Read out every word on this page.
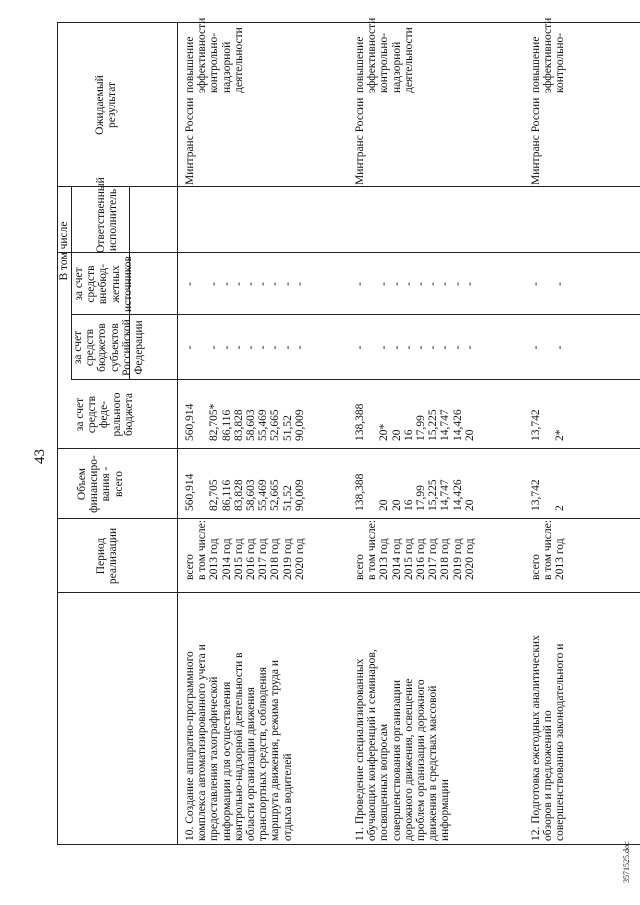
43
3571525.doc
Период
реализации
Объем
финансиро-
вания -
всего
В том числе
за счет
средств
феде-
рального
бюджета
за счет
средств
бюджетов
субъектов
Российской
Федерации
за счет
средств
внебюд-
жетных
источников
Ответственный
исполнитель
Ожидаемый
результат
10. Создание аппаратно-программного
комплекса автоматизированного учета и
предоставления тахографической
информации для осуществления
контрольно-надзорной деятельности в
области организации движения
транспортных средств, соблюдения
маршрута движения, режима труда и
отдыха водителей
всего
в том числе:
2013 год
2014 год
2015 год
2016 год
2017 год
2018 год
2019 год
2020 год
560,914

82,705
86,116
83,828
58,603
55,469
52,665
51,52
90,009
560,914

82,705*
86,116
83,828
58,603
55,469
52,665
51,52
90,009
-

-
-
-
-
-
-
-
-
-

-
-
-
-
-
-
-
-
Минтранс России
повышение
эффективности
контрольно-
надзорной
деятельности
11. Проведение специализированных
обучающих конференций и семинаров,
посвященных вопросам
совершенствования организации
дорожного движения, освещение
проблем организации дорожного
движения в средствах массовой
информации
всего
в том числе:
2013 год
2014 год
2015 год
2016 год
2017 год
2018 год
2019 год
2020 год
138,388

20
20
16
17,99
15,225
14,747
14,426
20
138,388

20*
20
16
17,99
15,225
14,747
14,426
20
-

-
-
-
-
-
-
-
-
-

-
-
-
-
-
-
-
-
Минтранс России
повышение
эффективности
контрольно-
надзорной
деятельности
12. Подготовка ежегодных аналитических
обзоров и предложений по
совершенствованию законодательного и
всего
в том числе:
2013 год
13,742

2
13,742

2*
-

-
-

-
Минтранс России
повышение
эффективности
контрольно-
